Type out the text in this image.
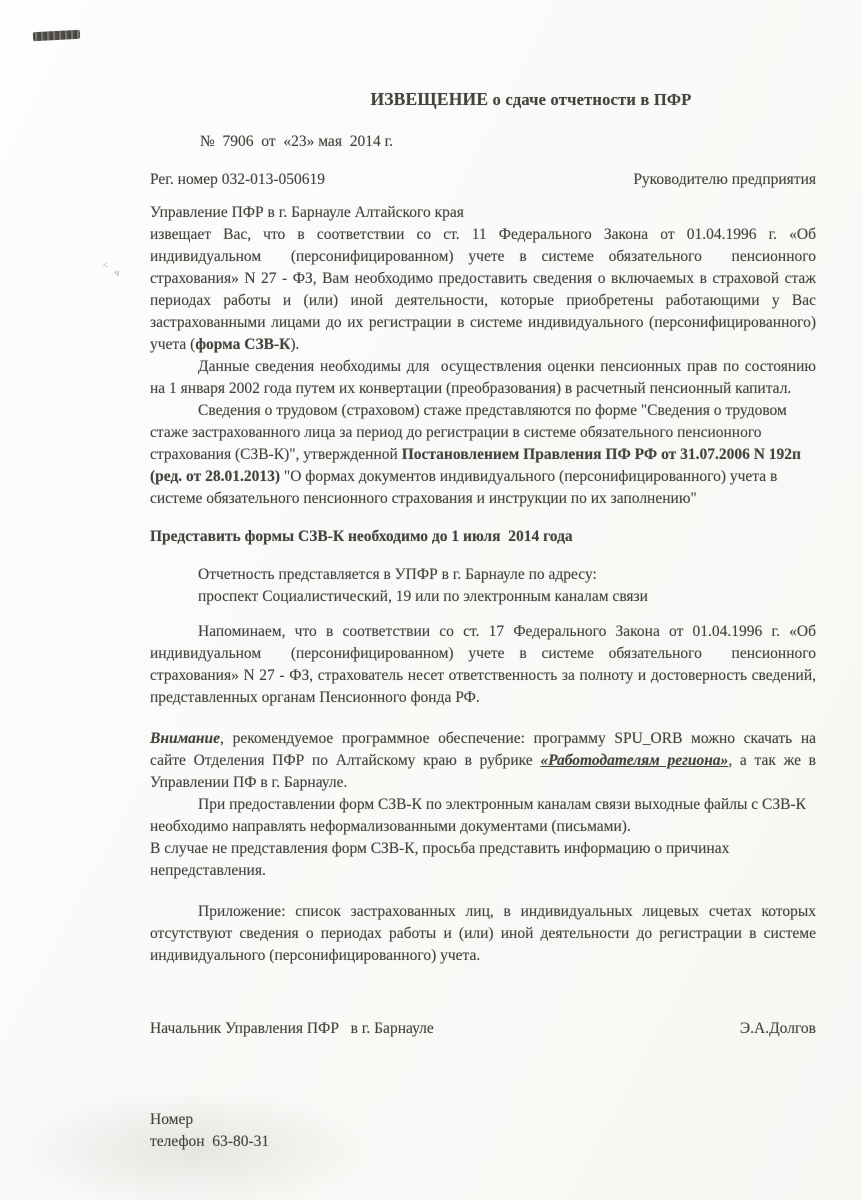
<
ч
ИЗВЕЩЕНИЕ о сдаче отчетности в ПФР
№  7906  от  «23» мая  2014 г.
Рег. номер 032-013-050619	Руководителю предприятия

Управление ПФР в г. Барнауле Алтайского края
извещает Вас, что в соответствии со ст. 11 Федерального Закона от 01.04.1996 г. «Об индивидуальном  (персонифицированном) учете в системе обязательного  пенсионного страхования» N 27 - ФЗ, Вам необходимо предоставить сведения о включаемых в страховой стаж периодах работы и (или) иной деятельности, которые приобретены работающими у Вас застрахованными лицами до их регистрации в системе индивидуального (персонифицированного) учета (форма СЗВ-К).

Данные сведения необходимы для  осуществления оценки пенсионных прав по состоянию на 1 января 2002 года путем их конвертации (преобразования) в расчетный пенсионный капитал.

Сведения о трудовом (страховом) стаже представляются по форме "Сведения о трудовом стаже застрахованного лица за период до регистрации в системе обязательного пенсионного страхования (СЗВ-К)", утвержденной Постановлением Правления ПФ РФ от 31.07.2006 N 192п (ред. от 28.01.2013) "О формах документов индивидуального (персонифицированного) учета в системе обязательного пенсионного страхования и инструкции по их заполнению"

Представить формы СЗВ-К необходимо до 1 июля  2014 года

Отчетность представляется в УПФР в г. Барнауле по адресу:
проспект Социалистический, 19 или по электронным каналам связи

Напоминаем, что в соответствии со ст. 17 Федерального Закона от 01.04.1996 г. «Об индивидуальном  (персонифицированном) учете в системе обязательного  пенсионного страхования» N 27 - ФЗ, страхователь несет ответственность за полноту и достоверность сведений, представленных органам Пенсионного фонда РФ.

Внимание, рекомендуемое программное обеспечение: программу SPU_ORB можно скачать на сайте Отделения ПФР по Алтайскому краю в рубрике «Работодателям региона», а так же в Управлении ПФ в г. Барнауле.

При предоставлении форм СЗВ-К по электронным каналам связи выходные файлы с СЗВ-К необходимо направлять неформализованными документами (письмами).

В случае не представления форм СЗВ-К, просьба представить информацию о причинах непредставления.

Приложение: список застрахованных лиц, в индивидуальных лицевых счетах которых отсутствуют сведения о периодах работы и (или) иной деятельности до регистрации в системе индивидуального (персонифицированного) учета.

Начальник Управления ПФР   в г. Барнауле	Э.А.Долгов
Номер
телефон  63-80-31
